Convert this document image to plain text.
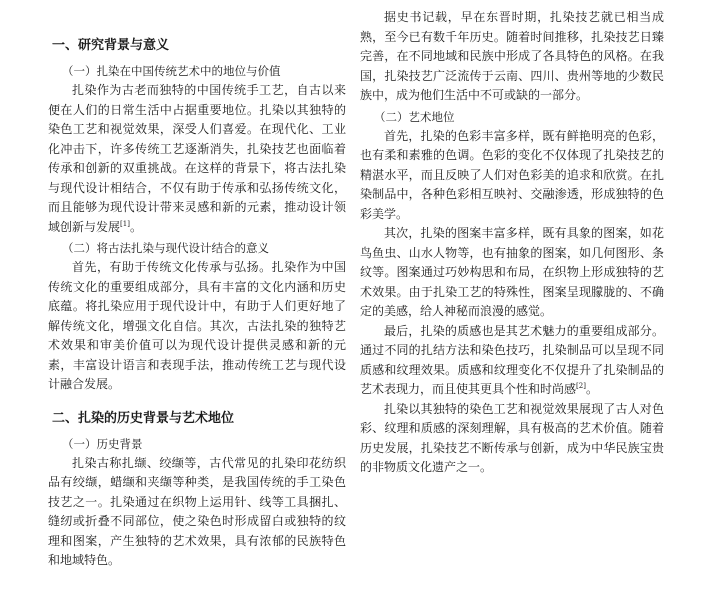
一、研究背景与意义
（一）扎染在中国传统艺术中的地位与价值

扎染作为古老而独特的中国传统手工艺，自古以来便在人们的日常生活中占据重要地位。扎染以其独特的染色工艺和视觉效果，深受人们喜爱。在现代化、工业化冲击下，许多传统工艺逐渐消失，扎染技艺也面临着传承和创新的双重挑战。在这样的背景下，将古法扎染与现代设计相结合，不仅有助于传承和弘扬传统文化，而且能够为现代设计带来灵感和新的元素，推动设计领域创新与发展[1]。

（二）将古法扎染与现代设计结合的意义

首先，有助于传统文化传承与弘扬。扎染作为中国传统文化的重要组成部分，具有丰富的文化内涵和历史底蕴。将扎染应用于现代设计中，有助于人们更好地了解传统文化，增强文化自信。其次，古法扎染的独特艺术效果和审美价值可以为现代设计提供灵感和新的元素，丰富设计语言和表现手法，推动传统工艺与现代设计融合发展。

二、扎染的历史背景与艺术地位
（一）历史背景

扎染古称扎缬、绞缬等，古代常见的扎染印花纺织品有绞缬，蜡缬和夹缬等种类，是我国传统的手工染色技艺之一。扎染通过在织物上运用针、线等工具捆扎、缝纫或折叠不同部位，使之染色时形成留白或独特的纹理和图案，产生独特的艺术效果，具有浓郁的民族特色和地域特色。

据史书记载，早在东晋时期，扎染技艺就已相当成熟，至今已有数千年历史。随着时间推移，扎染技艺日臻完善，在不同地域和民族中形成了各具特色的风格。在我国，扎染技艺广泛流传于云南、四川、贵州等地的少数民族中，成为他们生活中不可或缺的一部分。

（二）艺术地位

首先，扎染的色彩丰富多样，既有鲜艳明亮的色彩，也有柔和素雅的色调。色彩的变化不仅体现了扎染技艺的精湛水平，而且反映了人们对色彩美的追求和欣赏。在扎染制品中，各种色彩相互映衬、交融渗透，形成独特的色彩美学。

其次，扎染的图案丰富多样，既有具象的图案，如花鸟鱼虫、山水人物等，也有抽象的图案，如几何图形、条纹等。图案通过巧妙构思和布局，在织物上形成独特的艺术效果。由于扎染工艺的特殊性，图案呈现朦胧的、不确定的美感，给人神秘而浪漫的感觉。

最后，扎染的质感也是其艺术魅力的重要组成部分。通过不同的扎结方法和染色技巧，扎染制品可以呈现不同质感和纹理效果。质感和纹理变化不仅提升了扎染制品的艺术表现力，而且使其更具个性和时尚感[2]。

扎染以其独特的染色工艺和视觉效果展现了古人对色彩、纹理和质感的深刻理解，具有极高的艺术价值。随着历史发展，扎染技艺不断传承与创新，成为中华民族宝贵的非物质文化遗产之一。
